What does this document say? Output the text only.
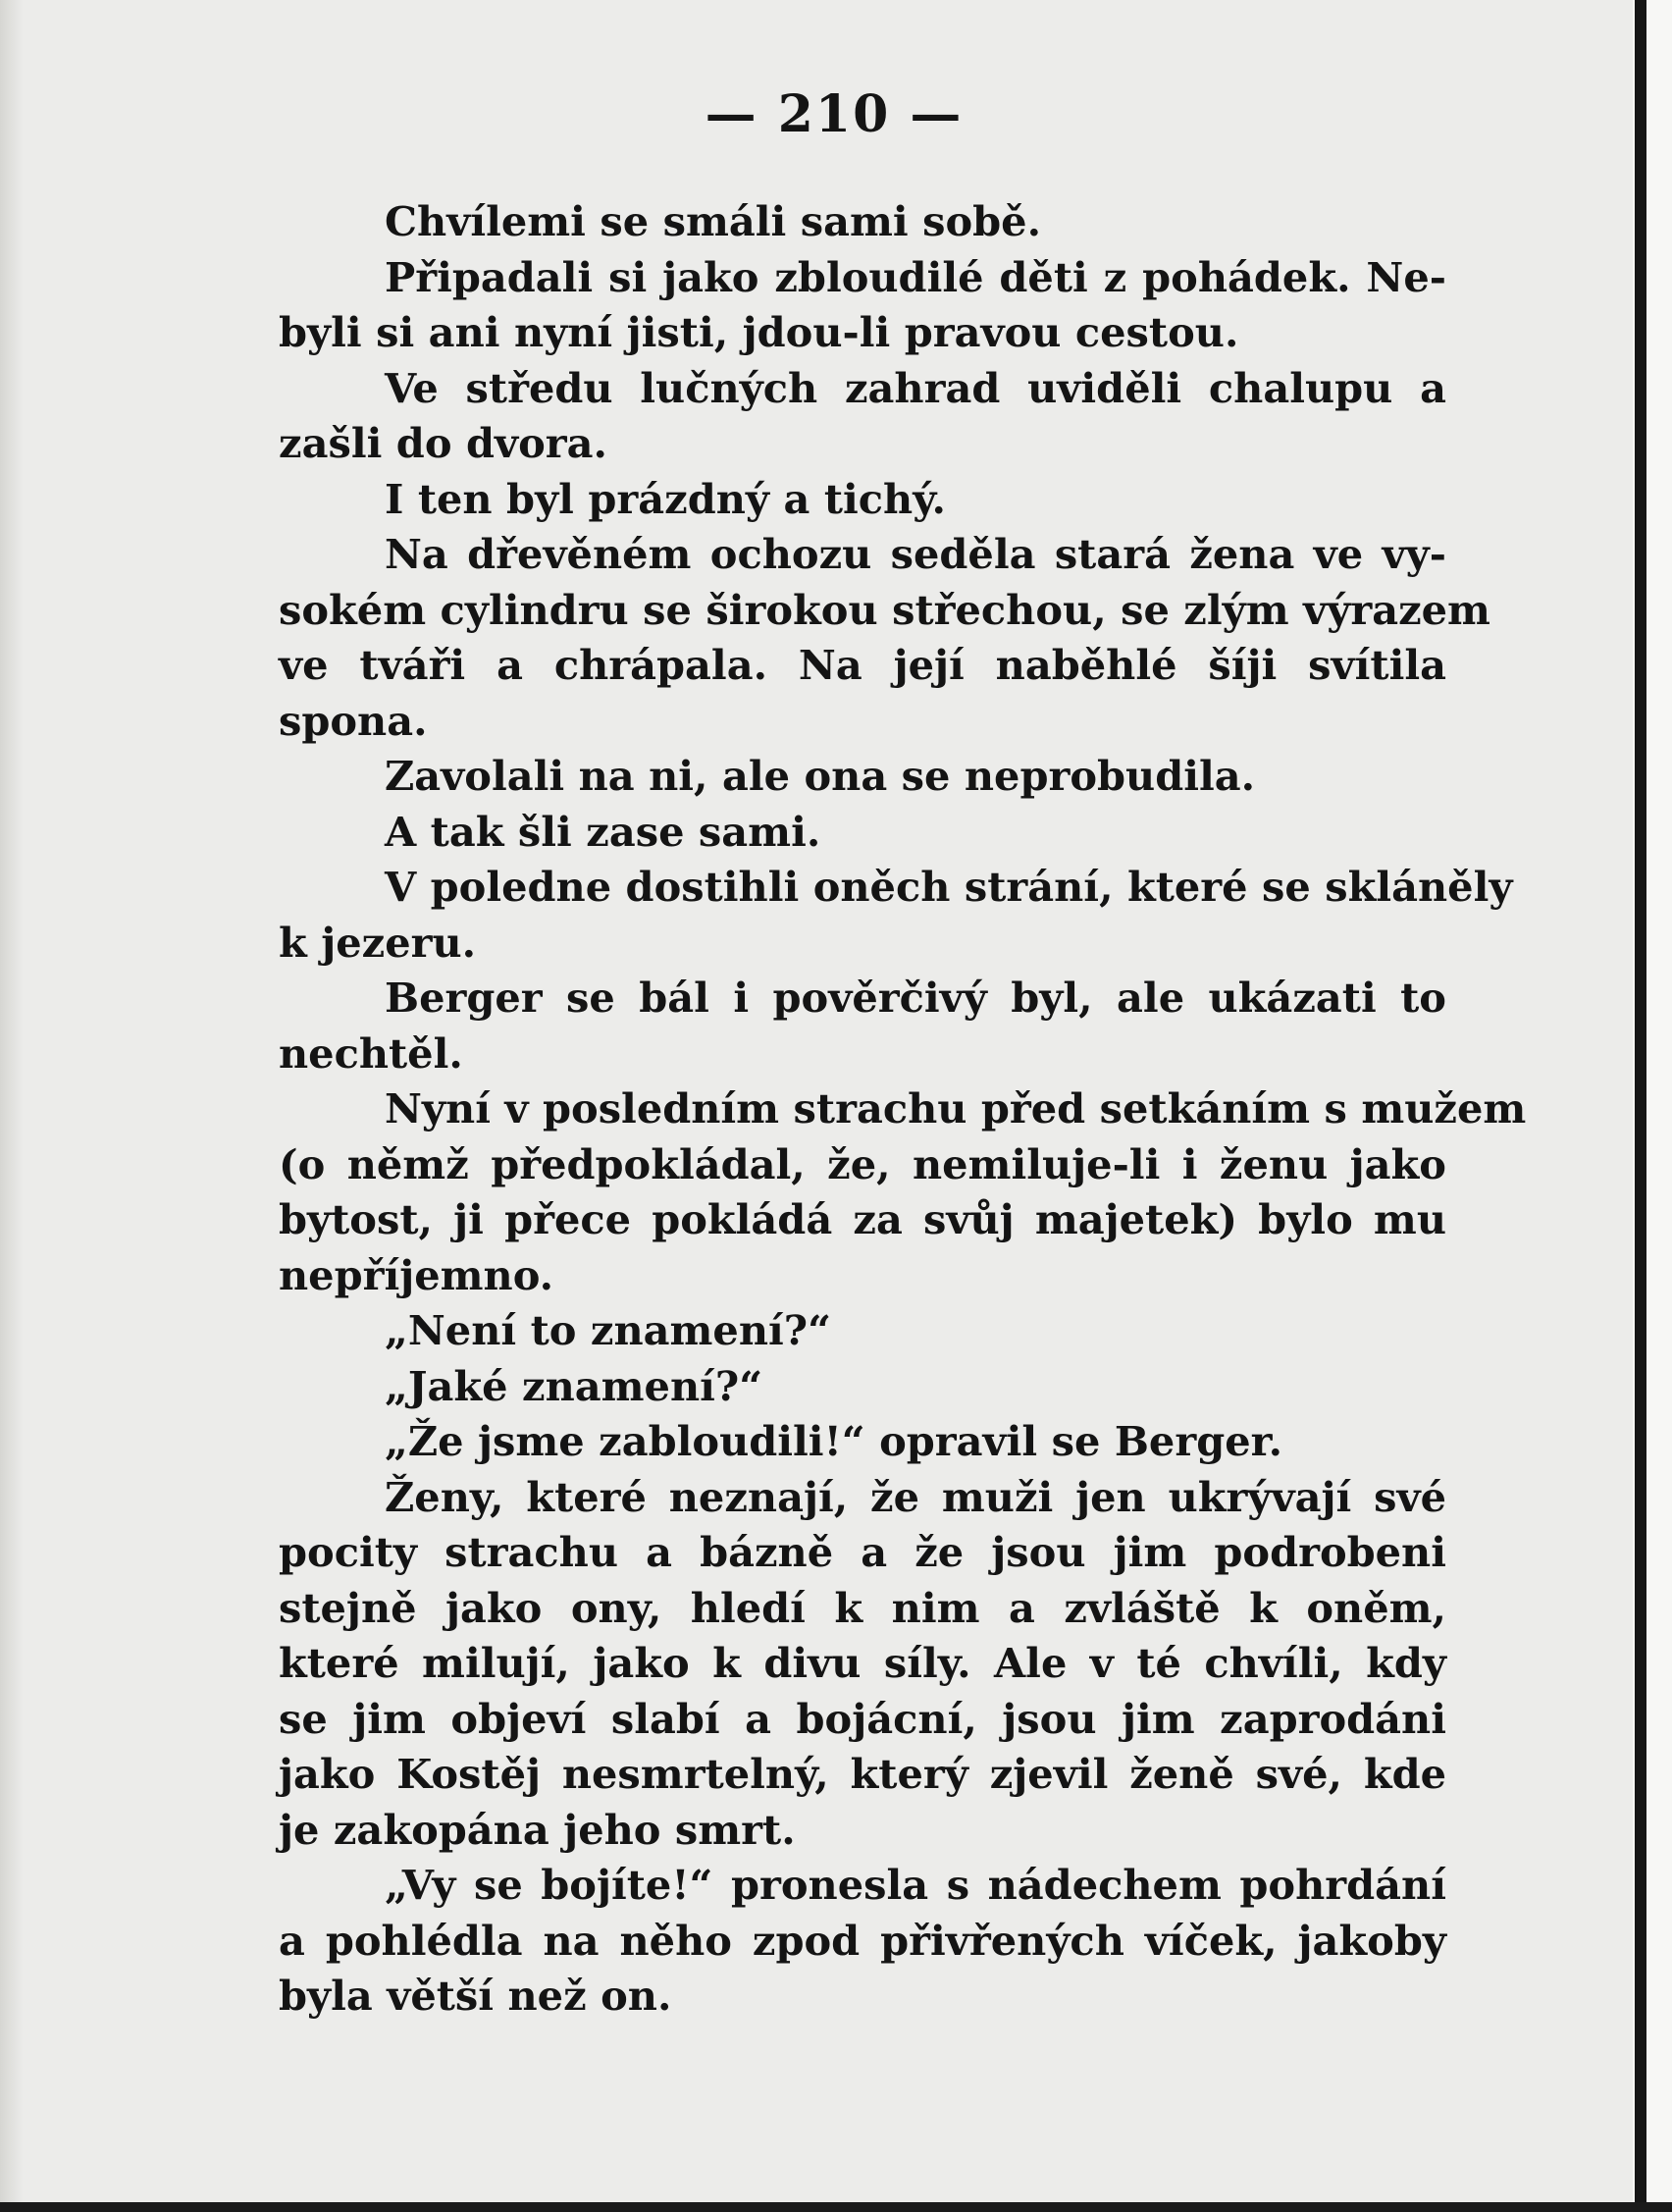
— 210 —
Chvílemi se smáli sami sobě.
Připadali si jako zbloudilé děti z pohádek. Ne-
byli si ani nyní jisti, jdou-li pravou cestou.
Ve středu lučných zahrad uviděli chalupu a
zašli do dvora.
I ten byl prázdný a tichý.
Na dřevěném ochozu seděla stará žena ve vy-
sokém cylindru se širokou střechou, se zlým výrazem
ve tváři a chrápala. Na její naběhlé šíji svítila
spona.
Zavolali na ni, ale ona se neprobudila.
A tak šli zase sami.
V poledne dostihli oněch strání, které se skláněly
k jezeru.
Berger se bál i pověrčivý byl, ale ukázati to
nechtěl.
Nyní v posledním strachu před setkáním s mužem
(o němž předpokládal, že, nemiluje-li i ženu jako
bytost, ji přece pokládá za svůj majetek) bylo mu
nepříjemno.
„Není to znamení?“
„Jaké znamení?“
„Že jsme zabloudili!“ opravil se Berger.
Ženy, které neznají, že muži jen ukrývají své
pocity strachu a bázně a že jsou jim podrobeni
stejně jako ony, hledí k nim a zvláště k oněm,
které milují, jako k divu síly. Ale v té chvíli, kdy
se jim objeví slabí a bojácní, jsou jim zaprodáni
jako Kostěj nesmrtelný, který zjevil ženě své, kde
je zakopána jeho smrt.
„Vy se bojíte!“ pronesla s nádechem pohrdání
a pohlédla na něho zpod přivřených víček, jakoby
byla větší než on.
